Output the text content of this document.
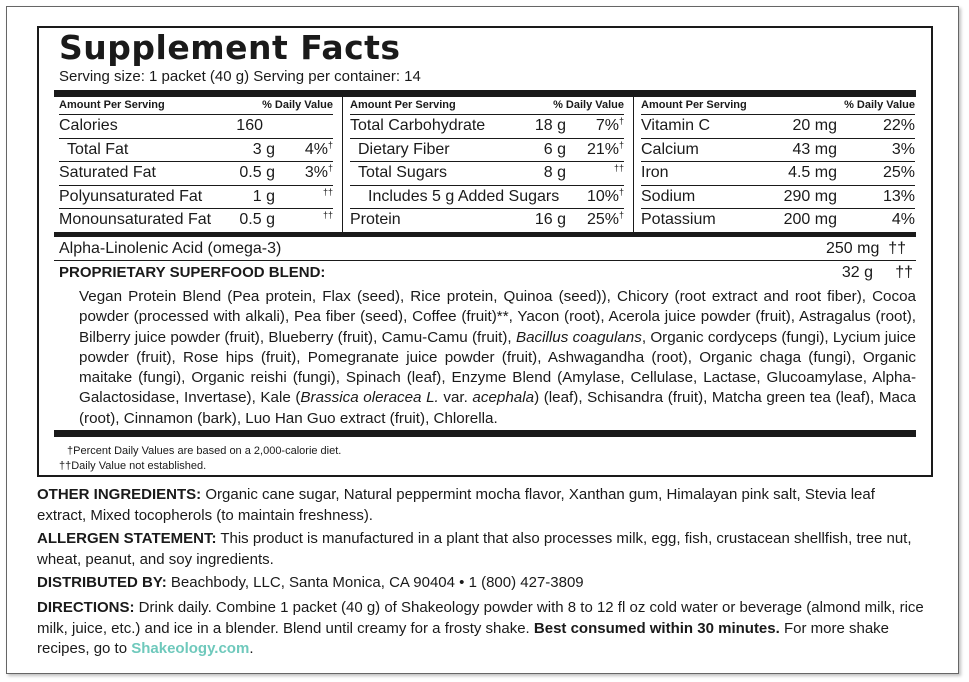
Supplement Facts
Serving size: 1 packet (40 g) Serving per container: 14
Amount Per Serving	% Daily Value
Calories	160
Total Fat	3 g 4%†
Saturated Fat	0.5 g 3%†
Polyunsaturated Fat	1 g	††
Monounsaturated Fat 0.5 g	††
Amount Per Serving	% Daily Value
Total Carbohydrate	18 g 7%†
Dietary Fiber	6 g 21%†
Total Sugars	8 g	††
Includes 5 g Added Sugars 10%†
Protein	16 g 25%†
Amount Per Serving	% Daily Value
Vitamin C	20 mg	22%
Calcium	43 mg	3%
Iron	4.5 mg	25%
Sodium	290 mg	13%
Potassium	200 mg	4%
Alpha-Linolenic Acid (omega-3)	250 mg ††
PROPRIETARY SUPERFOOD BLEND:	32 g ††
Vegan Protein Blend (Pea protein, Flax (seed), Rice protein, Quinoa (seed)), Chicory (root extract and root fiber), Cocoa powder (processed with alkali), Pea fiber (seed), Coffee (fruit)**, Yacon (root), Acerola juice powder (fruit), Astragalus (root), Bilberry juice powder (fruit), Blueberry (fruit), Camu-Camu (fruit), Bacillus coagulans, Organic cordyceps (fungi), Lycium juice powder (fruit), Rose hips (fruit), Pomegranate juice powder (fruit), Ashwagandha (root), Organic chaga (fungi), Organic maitake (fungi), Organic reishi (fungi), Spinach (leaf), Enzyme Blend (Amylase, Cellulase, Lactase, Glucoamylase, Alpha-Galactosidase, Invertase), Kale (Brassica oleracea L. var. acephala) (leaf), Schisandra (fruit), Matcha green tea (leaf), Maca (root), Cinnamon (bark), Luo Han Guo extract (fruit), Chlorella.
†Percent Daily Values are based on a 2,000-calorie diet.
††Daily Value not established.
OTHER INGREDIENTS: Organic cane sugar, Natural peppermint mocha flavor, Xanthan gum, Himalayan pink salt, Stevia leaf extract, Mixed tocopherols (to maintain freshness).
ALLERGEN STATEMENT: This product is manufactured in a plant that also processes milk, egg, fish, crustacean shellfish, tree nut, wheat, peanut, and soy ingredients.
DISTRIBUTED BY: Beachbody, LLC, Santa Monica, CA 90404 • 1 (800) 427-3809
DIRECTIONS: Drink daily. Combine 1 packet (40 g) of Shakeology powder with 8 to 12 fl oz cold water or beverage (almond milk, rice milk, juice, etc.) and ice in a blender. Blend until creamy for a frosty shake. Best consumed within 30 minutes. For more shake recipes, go to Shakeology.com.
